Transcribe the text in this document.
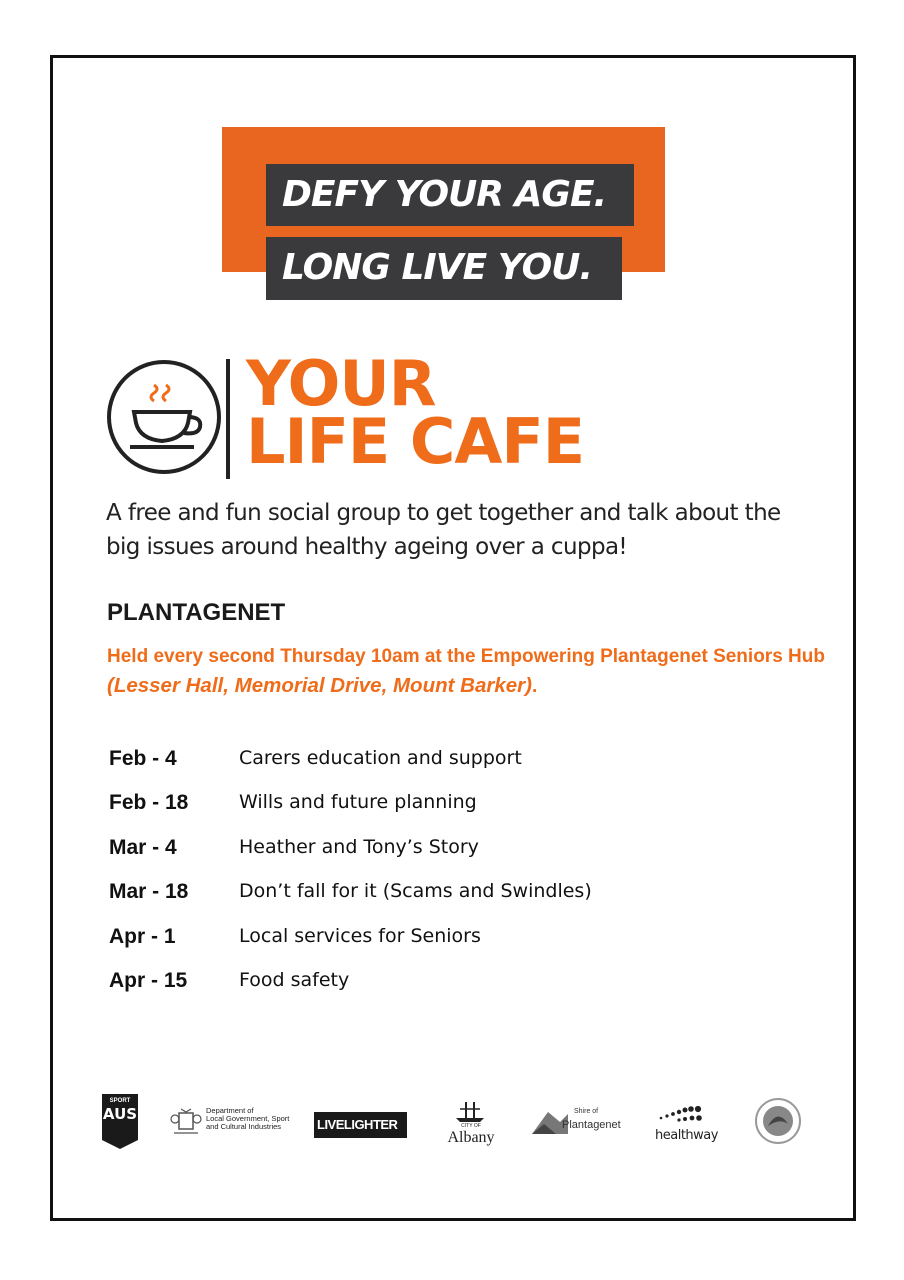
DEFY YOUR AGE.
LONG LIVE YOU.
YOUR
LIFE CAFE
A free and fun social group to get together and talk about the big issues around healthy ageing over a cuppa!
PLANTAGENET
Held every second Thursday 10am at the Empowering Plantagenet Seniors Hub (Lesser Hall, Memorial Drive, Mount Barker).
Feb - 4	Carers education and support
Feb - 18	Wills and future planning
Mar - 4	Heather and Tony’s Story
Mar - 18	Don’t fall for it (Scams and Swindles)
Apr - 1	Local services for Seniors
Apr - 15	Food safety
SPORT
AUS	Department of
Local Government, Sport
and Cultural Industries	LIVELIGHTER	CITY OF
Albany
Shire of
Plantagenet
healthway
